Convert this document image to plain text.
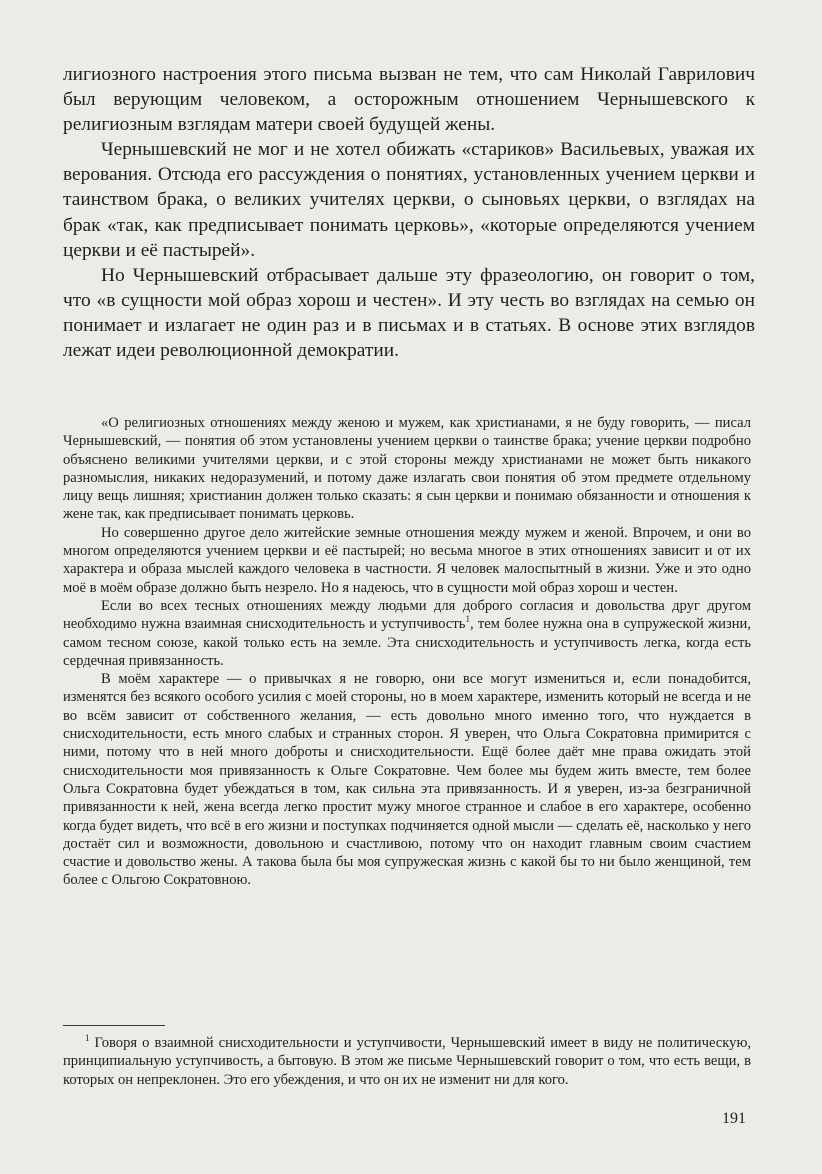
лигиозного настроения этого письма вызван не тем, что сам Николай Гаврилович был верующим человеком, а осторожным отношением Чернышевского к религиозным взглядам матери своей будущей жены.

Чернышевский не мог и не хотел обижать «стариков» Васильевых, уважая их верования. Отсюда его рассуждения о понятиях, установленных учением церкви и таинством брака, о великих учителях церкви, о сыновьях церкви, о взглядах на брак «так, как предписывает понимать церковь», «которые определяются учением церкви и её пастырей».

Но Чернышевский отбрасывает дальше эту фразеологию, он говорит о том, что «в сущности мой образ хорош и честен». И эту честь во взглядах на семью он понимает и излагает не один раз и в письмах и в статьях. В основе этих взглядов лежат идеи революционной демократии.

«О религиозных отношениях между женою и мужем, как христианами, я не буду говорить, — писал Чернышевский, — понятия об этом установлены учением церкви о таинстве брака; учение церкви подробно объяснено великими учителями церкви, и с этой стороны между христианами не может быть никакого разномыслия, никаких недоразумений, и потому даже излагать свои понятия об этом предмете отдельному лицу вещь лишняя; христианин должен только сказать: я сын церкви и понимаю обязанности и отношения к жене так, как предписывает понимать церковь.

Но совершенно другое дело житейские земные отношения между мужем и женой. Впрочем, и они во многом определяются учением церкви и её пастырей; но весьма многое в этих отношениях зависит и от их характера и образа мыслей каждого человека в частности. Я человек малоспытный в жизни. Уже и это одно моё в моём образе должно быть незрело. Но я надеюсь, что в сущности мой образ хорош и честен.

Если во всех тесных отношениях между людьми для доброго согласия и довольства друг другом необходимо нужна взаимная снисходительность и уступчивость$^1$, тем более нужна она в супружеской жизни, самом тесном союзе, какой только есть на земле. Эта снисходительность и уступчивость легка, когда есть сердечная привязанность.

В моём характере — о привычках я не говорю, они все могут измениться и, если понадобится, изменятся без всякого особого усилия с моей стороны, но в моем характере, изменить который не всегда и не во всём зависит от собственного желания, — есть довольно много именно того, что нуждается в снисходительности, есть много слабых и странных сторон. Я уверен, что Ольга Сократовна примирится с ними, потому что в ней много доброты и снисходительности. Ещё более даёт мне права ожидать этой снисходительности моя привязанность к Ольге Сократовне. Чем более мы будем жить вместе, тем более Ольга Сократовна будет убеждаться в том, как сильна эта привязанность. И я уверен, из-за безграничной привязанности к ней, жена всегда легко простит мужу многое странное и слабое в его характере, особенно когда будет видеть, что всё в его жизни и поступках подчиняется одной мысли — сделать её, насколько у него достаёт сил и возможности, довольною и счастливою, потому что он находит главным своим счастием счастие и довольство жены. А такова была бы моя супружеская жизнь с какой бы то ни было женщиной, тем более с Ольгою Сократовною.

$^1$ Говоря о взаимной снисходительности и уступчивости, Чернышевский имеет в виду не политическую, принципиальную уступчивость, а бытовую. В этом же письме Чернышевский говорит о том, что есть вещи, в которых он непреклонен. Это его убеждения, и что он их не изменит ни для кого.

191
